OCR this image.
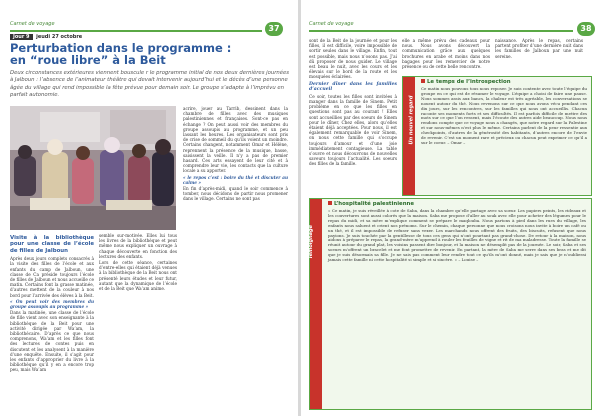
Carnet de voyage	37
Jour 9 jeudi 27 octobre
Perturbation dans le programme :
en “roue libre” à la Beit
Deux circonstances extérieures viennent bouscule r le programme initial de nos deux dernières journées à Jalboun : l’absence de l’animateur théâtre qui devait intervenir aujourd’hui et le décès d’une personne âgée du village qui rend impossible la fête prévue pour demain soir. Le groupe s’adapte à l’imprévu en parfait autonomie.
Visite à la bibliothèque pour une classe de l’école de filles de Jalboun

Après deux jours complets consacrés à la visite des filles de l’école et aux enfants du camp de Jalboun, une classe de Ca préside toujours l’école de filles de Jalboun et nous accueille ce matin. Certains font la grasse matinée, d’autres mettent de la couleur à nos bord pour l’arrivée des élèves à la Beit.

« On peut voir des membres du groupe assoupis au programme »

Dans la matinée, une classe de l’école de fille vient avec son enseignante à la bibliothèque de la Beit pour une activité dirigée par Wa’am, la bibliothécaire. D’après ce que nous comprenons, Wa’am et les filles font des lectures de contes puis en discutent et les analysent à la manière d’une enquête. Ensuite, il s’agit pour les enfants d’approprier du livre à la bibliothèque qu’il y en a encore trop peu, mais Wa’am

semble sur-motivée. Elles lui tous les livres de la bibliothèque et peut même nous expliquer un ouvrage à chaque découverte en fonction des lectures des enfants.

Lors de cette séance, certaines d’entre-elles qui étaient déjà venues à la bibliothèque de la Beit nous ont présenté leurs études et leur futur, autant que la dynamique de l’école et de la Beit que Wa’am anime.

acrire, jouer au Tarrib, dessinent dans la chambre de filles avec des musiques palestiniennes et françaises. Sont-ce pas en échange ? On peut aussi voir des membres du groupe assoupis au programme, et un peu lassant les heures. Les organisateurs sont pris de crise de sommeil du qu’ils voient un moindre. Certains changent, notamment Omar et Hélène, reprennent la présence de la musique, basse, saisissent la veille. Il n’y a pas de premier hasard. Ces arts essayent de leur cité et à comprendre leur vie, les contacts que la culture locale a su apporter.

« le repos c’est : boire du thé et discuter au calme »

En fin d’après-midi, quand le soir commence à tomber, nous décidons de partir nous promener dans le village. Certains ne sont pas

Carnet de voyage	38

sont de la Beit de la journée et pour les filles, il est difficile, voire impossible de sortir seules dans le village. Enfin, tout est possible, mais nous n’osons pas. J’ai dû proposer de nous guider. Le village est beau le nuit, avec les cours et les élevais sur le bord de la route et les mosquées éclairées.

Dernier dîner dans les familles d’accueil

Ce soir, toutes les filles sont invitées à manger dans la famille de Sinem. Petit problème en ce que les filles en questions sont pas au courant ! Elles sont accueillies par des soeurs de Sinem pour le dîner, Chez elles, alors qu’elles étaient déjà acceptées. Pour nous, il est également remarquable de voir Sinem, on nous cette famille qui s’occupe toujours d’amour et d’une joie immédiatement contagieuse. La table s’ouvre et nous découvrons de nouvelles saveurs toujours l’actualité. Les soeurs des filles de la famille.

elle a même prévu des cadeaux pour nous. Nous avons découvert la communication grâce aux quelques brochures en arabe et moins dans nos bagages pour les remercier de notre présence ou de cette belle rencontre.

naissance. Après le repas, certains partent profiter d’une dernière nuit dans les familles de Jalboun par une nuit sereine.

Un nouvel regard
Le temps de l’introspection
Ce matin nous pouvons tous nous reposer. Je suis contente avec toute l’équipe du groupe en ce qui est de résumer le voyage. L’équipe a choisi de faire une pause. Nous sommes assis aux bancs, la chaleur est très agréable, les conversations se nouent autour du thé. Nous revenons sur ce que nous avons vécu pendant ces dix jours, sur les rencontres, sur les familles qui nous ont accueillis. Chacun raconte ses moments forts et ses difficultés. Il est parfois difficile de mettre des mots sur ce que l’on ressent, mais l’écoute des autres aide beaucoup. Nous nous rendons compte que ce voyage nous a changés, que notre regard sur la Palestine et sur nous-mêmes n’est plus le même. Certains parlent de la peur ressentie aux checkpoints, d’autres de la générosité des habitants, d’autres encore de l’envie de revenir. C’est un moment rare et précieux ou chacun peut exprimer ce qu’il a sur le coeur. – Omar –
Témoignage
L’hospitalité palestinienne
« Ce matin, je suis réveillée à cote de Saba, dans la chambre qu’elle partage avec sa soeur. Les papiers peints, les rideaux et les couvertures sont aussi colorés que la maison. Saba me propose d’aller au souk avec elle pour acheter des légumes pour le repas du midi, et sa mère m’explique comment se prépare le maqlouba. Nous partons à pied dans les rues du village, les enfants nous saluent et crient nos prénoms. Sur le chemin, chaque personne que nous croisons nous invite à boire un café ou un thé, et il est impossible de refuser sans vexer. Les marchands nous offrent des fruits, des biscuits, refusent que nous payions. Je suis touchée par la gentillesse de tous ces gens qui n’ont pourtant pas grand-chose. De retour à la maison, nous aidons à préparer le repas, la grand-mère m’apprend à rouler les feuilles de vigne et rit de ma maladresse. Toute la famille se réunit autour du grand plat, les voisins passent dire bonjour, et la maison ne désemplit pas de la journée. Le soir, Saba et ses soeurs m’offrent un bracelet et me font promettre de revenir. En partant, la mère de Saba me serre dans ses bras et me dit que je suis désormais sa fille. Je ne sais pas comment leur rendre tout ce qu’ils m’ont donné, mais je sais que je n’oublierai jamais cette famille ni cette hospitalité si simple et si sincère. » – Louise –
